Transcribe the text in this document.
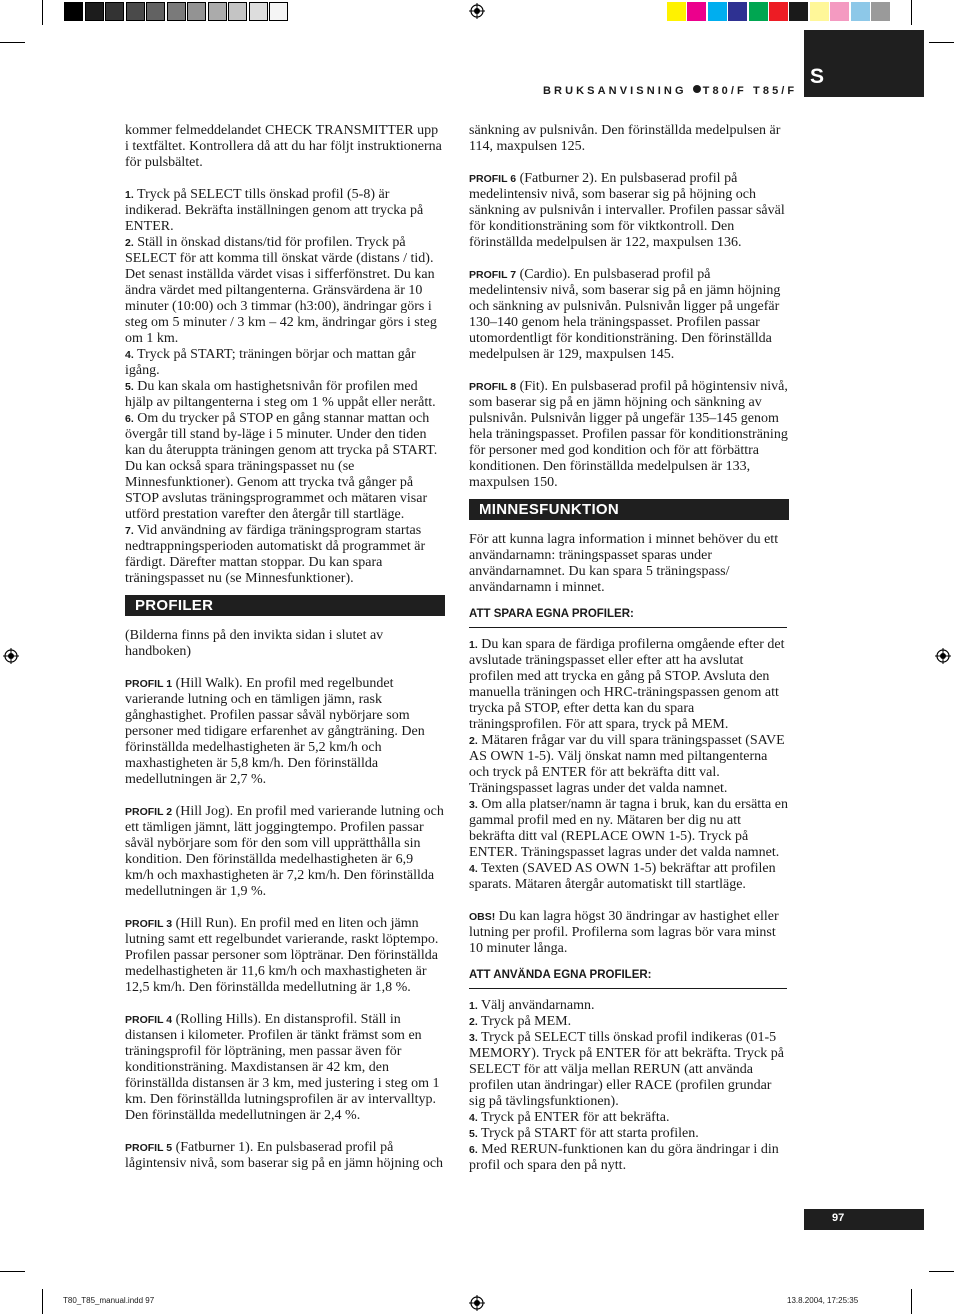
S
BRUKSANVISNING T80/F T85/F

kommer felmeddelandet CHECK TRANSMITTER upp i textfältet. Kontrollera då att du har följt instruktionerna för pulsbältet.

1. Tryck på SELECT tills önskad profil (5-8) är indikerad. Bekräfta inställningen genom att trycka på ENTER.

2. Ställ in önskad distans/tid för profilen. Tryck på SELECT för att komma till önskat värde (distans / tid). Det senast inställda värdet visas i sifferfönstret. Du kan ändra värdet med piltangenterna. Gränsvärdena är 10 minuter (10:00) och 3 timmar (h3:00), ändringar görs i steg om 5 minuter / 3 km – 42 km, ändringar görs i steg om 1 km.

4. Tryck på START; träningen börjar och mattan går igång.

5. Du kan skala om hastighetsnivån för profilen med hjälp av piltangenterna i steg om 1 % uppåt eller nerått.

6. Om du trycker på STOP en gång stannar mattan och övergår till stand by-läge i 5 minuter. Under den tiden kan du återuppta träningen genom att trycka på START. Du kan också spara träningspasset nu (se Minnesfunktioner). Genom att trycka två gånger på STOP avslutas träningsprogrammet och mätaren visar utförd prestation varefter den återgår till startläge.

7. Vid användning av färdiga träningsprogram startas nedtrappningsperioden automatiskt då programmet är färdigt. Därefter mattan stoppar. Du kan spara träningspasset nu (se Minnesfunktioner).

PROFILER

(Bilderna finns på den invikta sidan i slutet av handboken)

PROFIL 1 (Hill Walk). En profil med regelbundet varierande lutning och en tämligen jämn, rask gånghastighet. Profilen passar såväl nybörjare som personer med tidigare erfarenhet av gångträning. Den förinställda medelhastigheten är 5,2 km/h och maxhastigheten är 5,8 km/h. Den förinställda medellutningen är 2,7 %.

PROFIL 2 (Hill Jog). En profil med varierande lutning och ett tämligen jämnt, lätt joggingtempo. Profilen passar såväl nybörjare som för den som vill upprätthålla sin kondition. Den förinställda medelhastigheten är 6,9 km/h och maxhastigheten är 7,2 km/h. Den förinställda medellutningen är 1,9 %.

PROFIL 3 (Hill Run). En profil med en liten och jämn lutning samt ett regelbundet varierande, raskt löptempo. Profilen passar personer som löptränar. Den förinställda medelhastigheten är 11,6 km/h och maxhastigheten är 12,5 km/h. Den förinställda medellutning är 1,8 %.

PROFIL 4 (Rolling Hills). En distansprofil. Ställ in distansen i kilometer. Profilen är tänkt främst som en träningsprofil för löpträning, men passar även för konditionsträning. Maxdistansen är 42 km, den förinställda distansen är 3 km, med justering i steg om 1 km. Den förinställda lutningsprofilen är av intervalltyp. Den förinställda medellutningen är 2,4 %.

PROFIL 5 (Fatburner 1). En pulsbaserad profil på lågintensiv nivå, som baserar sig på en jämn höjning och

sänkning av pulsnivån. Den förinställda medelpulsen är 114, maxpulsen 125.

PROFIL 6 (Fatburner 2). En pulsbaserad profil på medelintensiv nivå, som baserar sig på höjning och sänkning av pulsnivån i intervaller. Profilen passar såväl för konditionsträning som för viktkontroll. Den förinställda medelpulsen är 122, maxpulsen 136.

PROFIL 7 (Cardio). En pulsbaserad profil på medelintensiv nivå, som baserar sig på en jämn höjning och sänkning av pulsnivån. Pulsnivån ligger på ungefär 130–140 genom hela träningspasset. Profilen passar utomordentligt för konditionsträning. Den förinställda medelpulsen är 129, maxpulsen 145.

PROFIL 8 (Fit). En pulsbaserad profil på högintensiv nivå, som baserar sig på en jämn höjning och sänkning av pulsnivån. Pulsnivån ligger på ungefär 135–145 genom hela träningspasset. Profilen passar för konditionsträning för personer med god kondition och för att förbättra konditionen. Den förinställda medelpulsen är 133, maxpulsen 150.

MINNESFUNKTION

För att kunna lagra information i minnet behöver du ett användarnamn: träningspasset sparas under användarnamnet. Du kan spara 5 träningspass/ användarnamn i minnet.

ATT SPARA EGNA PROFILER:

1. Du kan spara de färdiga profilerna omgående efter det avslutade träningspasset eller efter att ha avslutat profilen med att trycka en gång på STOP. Avsluta den manuella träningen och HRC-träningspassen genom att trycka på STOP, efter detta kan du spara träningsprofilen. För att spara, tryck på MEM.

2. Mätaren frågar var du vill spara träningspasset (SAVE AS OWN 1-5). Välj önskat namn med piltangenterna och tryck på ENTER för att bekräfta ditt val. Träningspasset lagras under det valda namnet.

3. Om alla platser/namn är tagna i bruk, kan du ersätta en gammal profil med en ny. Mätaren ber dig nu att bekräfta ditt val (REPLACE OWN 1-5). Tryck på ENTER. Träningspasset lagras under det valda namnet.

4. Texten (SAVED AS OWN 1-5) bekräftar att profilen sparats. Mätaren återgår automatiskt till startläge.

OBS! Du kan lagra högst 30 ändringar av hastighet eller lutning per profil. Profilerna som lagras bör vara minst 10 minuter långa.

ATT ANVÄNDA EGNA PROFILER:

1. Välj användarnamn.

2. Tryck på MEM.

3. Tryck på SELECT tills önskad profil indikeras (01-5 MEMORY). Tryck på ENTER för att bekräfta. Tryck på SELECT för att välja mellan RERUN (att använda profilen utan ändringar) eller RACE (profilen grundar sig på tävlingsfunktionen).

4. Tryck på ENTER för att bekräfta.

5. Tryck på START för att starta profilen.

6. Med RERUN-funktionen kan du göra ändringar i din profil och spara den på nytt.

97
T80_T85_manual.indd 97	13.8.2004, 17:25:35
